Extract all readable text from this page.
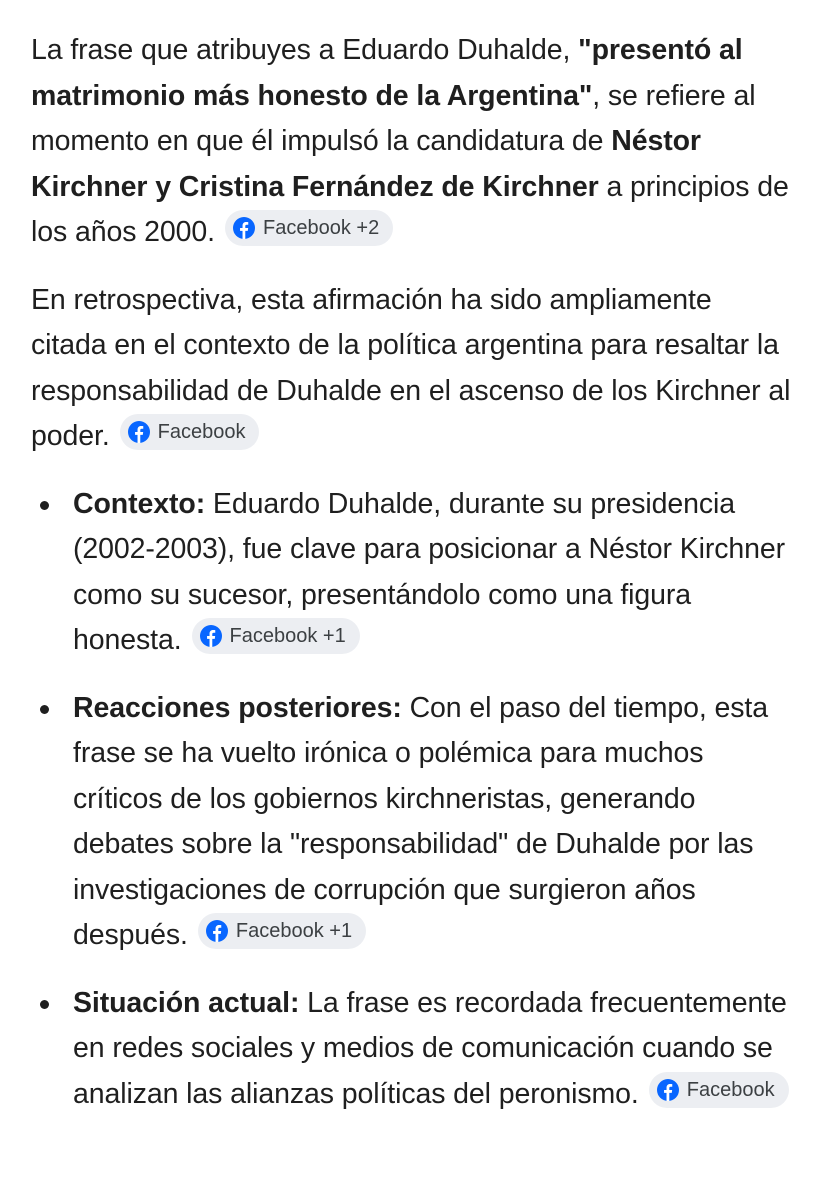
La frase que atribuyes a Eduardo Duhalde, "presentó al matrimonio más honesto de la Argentina", se refiere al momento en que él impulsó la candidatura de Néstor Kirchner y Cristina Fernández de Kirchner a principios de los años 2000. Facebook +2

En retrospectiva, esta afirmación ha sido ampliamente citada en el contexto de la política argentina para resaltar la responsabilidad de Duhalde en el ascenso de los Kirchner al poder. Facebook

Contexto: Eduardo Duhalde, durante su presidencia (2002-2003), fue clave para posicionar a Néstor Kirchner como su sucesor, presentándolo como una figura honesta. Facebook +1
Reacciones posteriores: Con el paso del tiempo, esta frase se ha vuelto irónica o polémica para muchos críticos de los gobiernos kirchneristas, generando debates sobre la "responsabilidad" de Duhalde por las investigaciones de corrupción que surgieron años después. Facebook +1
Situación actual: La frase es recordada frecuentemente en redes sociales y medios de comunicación cuando se analizan las alianzas políticas del peronismo. Facebook
